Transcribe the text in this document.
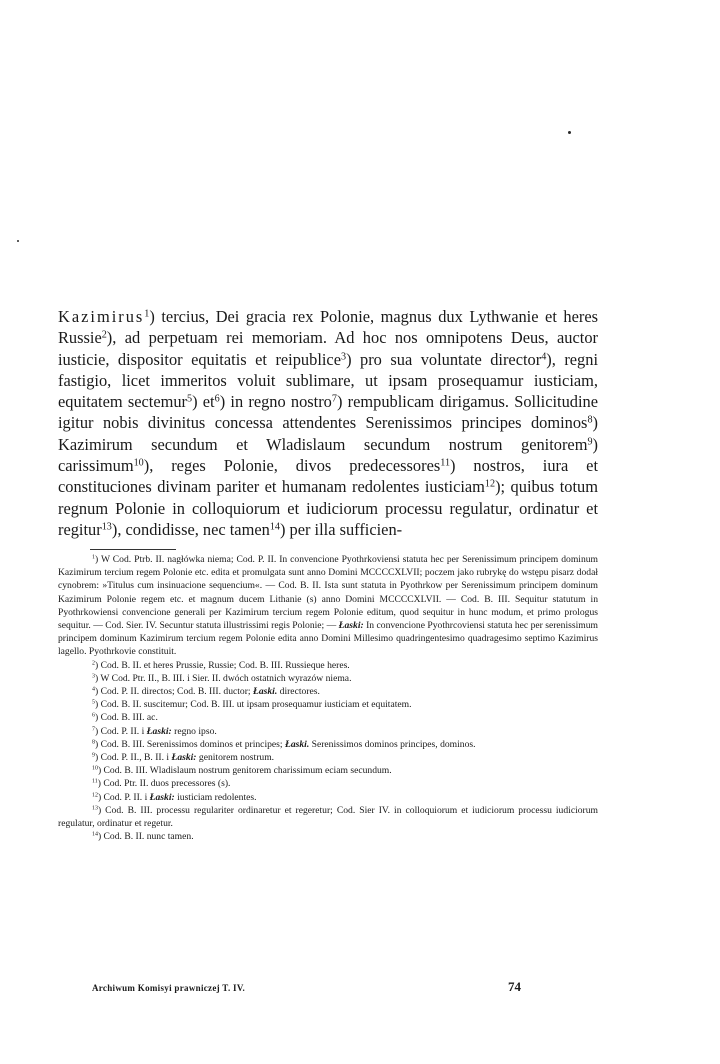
Kazimirus$^1$) tercius, Dei gracia rex Polonie, magnus dux Lythwanie et heres Russie$^2$), ad perpetuam rei memoriam. Ad hoc nos omnipotens Deus, auctor iusticie, dispositor equitatis et reipublice$^3$) pro sua voluntate director$^4$), regni fastigio, licet immeritos voluit sublimare, ut ipsam prosequamur iusticiam, equitatem sectemur$^5$) $et^6$) in regno nostro$^7$) rempublicam dirigamus. Sollicitudine igitur nobis divinitus concessa attendentes Serenissimos principes dominos$^8$) Kazimirum secundum et Wladislaum secundum nostrum genitorem$^9$) carissimum$^{10}$), reges Polonie, divos predecessores$^{11}$) nostros, iura et constituciones divinam pariter et humanam redolentes iusticiam$^{12}$); quibus totum regnum Polonie in colloquiorum et iudiciorum processu regulatur, ordinatur et regitur$^{13}$), condidisse, nec tamen$^{14}$) per illa sufficien-

$^1$) W Cod. Ptrb. II. nagłówka niema; Cod. P. II. In convencione Pyothrkoviensi statuta hec per Serenissimum principem dominum Kazimirum tercium regem Polonie etc. edita et promulgata sunt anno Domini MCCCCXLVII; poczem jako rubrykę do wstępu pisarz dodał cynobrem: »Titulus cum insinuacione sequencium«. — Cod. B. II. Ista sunt statuta in Pyothrkow per Serenissimum principem dominum Kazimirum Polonie regem etc. et magnum ducem Lithanie (s) anno Domini MCCCCXLVII. — Cod. B. III. Sequitur statutum in Pyothrkowiensi convencione generali per Kazimirum tercium regem Polonie editum, quod sequitur in hunc modum, et primo prologus sequitur. — Cod. Sier. IV. Secuntur statuta illustrissimi regis Polonie; — Łaski: In convencione Pyothrcoviensi statuta hec per serenissimum principem dominum Kazimirum tercium regem Polonie edita anno Domini Millesimo quadringentesimo quadragesimo septimo Kazimirus lagello. Pyothrkovie constituit.

$^2$) Cod. B. II. et heres Prussie, Russie; Cod. B. III. Russieque heres.

$^3$) W Cod. Ptr. II., B. III. i Sier. II. dwóch ostatnich wyrazów niema.

$^4$) Cod. P. II. directos; Cod. B. III. ductor; Łaski. directores.

$^5$) Cod. B. II. suscitemur; Cod. B. III. ut ipsam prosequamur iusticiam et equitatem.

$^6$) Cod. B. III. ac.

$^7$) Cod. P. II. i Łaski: regno ipso.

$^8$) Cod. B. III. Serenissimos dominos et principes; Łaski. Serenissimos dominos principes, dominos.

$^9$) Cod. P. II., B. II. i Łaski: genitorem nostrum.

$^{10}$) Cod. B. III. Wladislaum nostrum genitorem charissimum eciam secundum.

$^{11}$) Cod. Ptr. II. duos precessores (s).

$^{12}$) Cod. P. II. i Łaski: iusticiam redolentes.

$^{13}$) Cod. B. III. processu regulariter ordinaretur et regeretur; Cod. Sier IV. in colloquiorum et iudiciorum processu iudiciorum regulatur, ordinatur et regetur.

$^{14}$) Cod. B. II. nunc tamen.

Archiwum Komisyi prawniczej T. IV.	74
